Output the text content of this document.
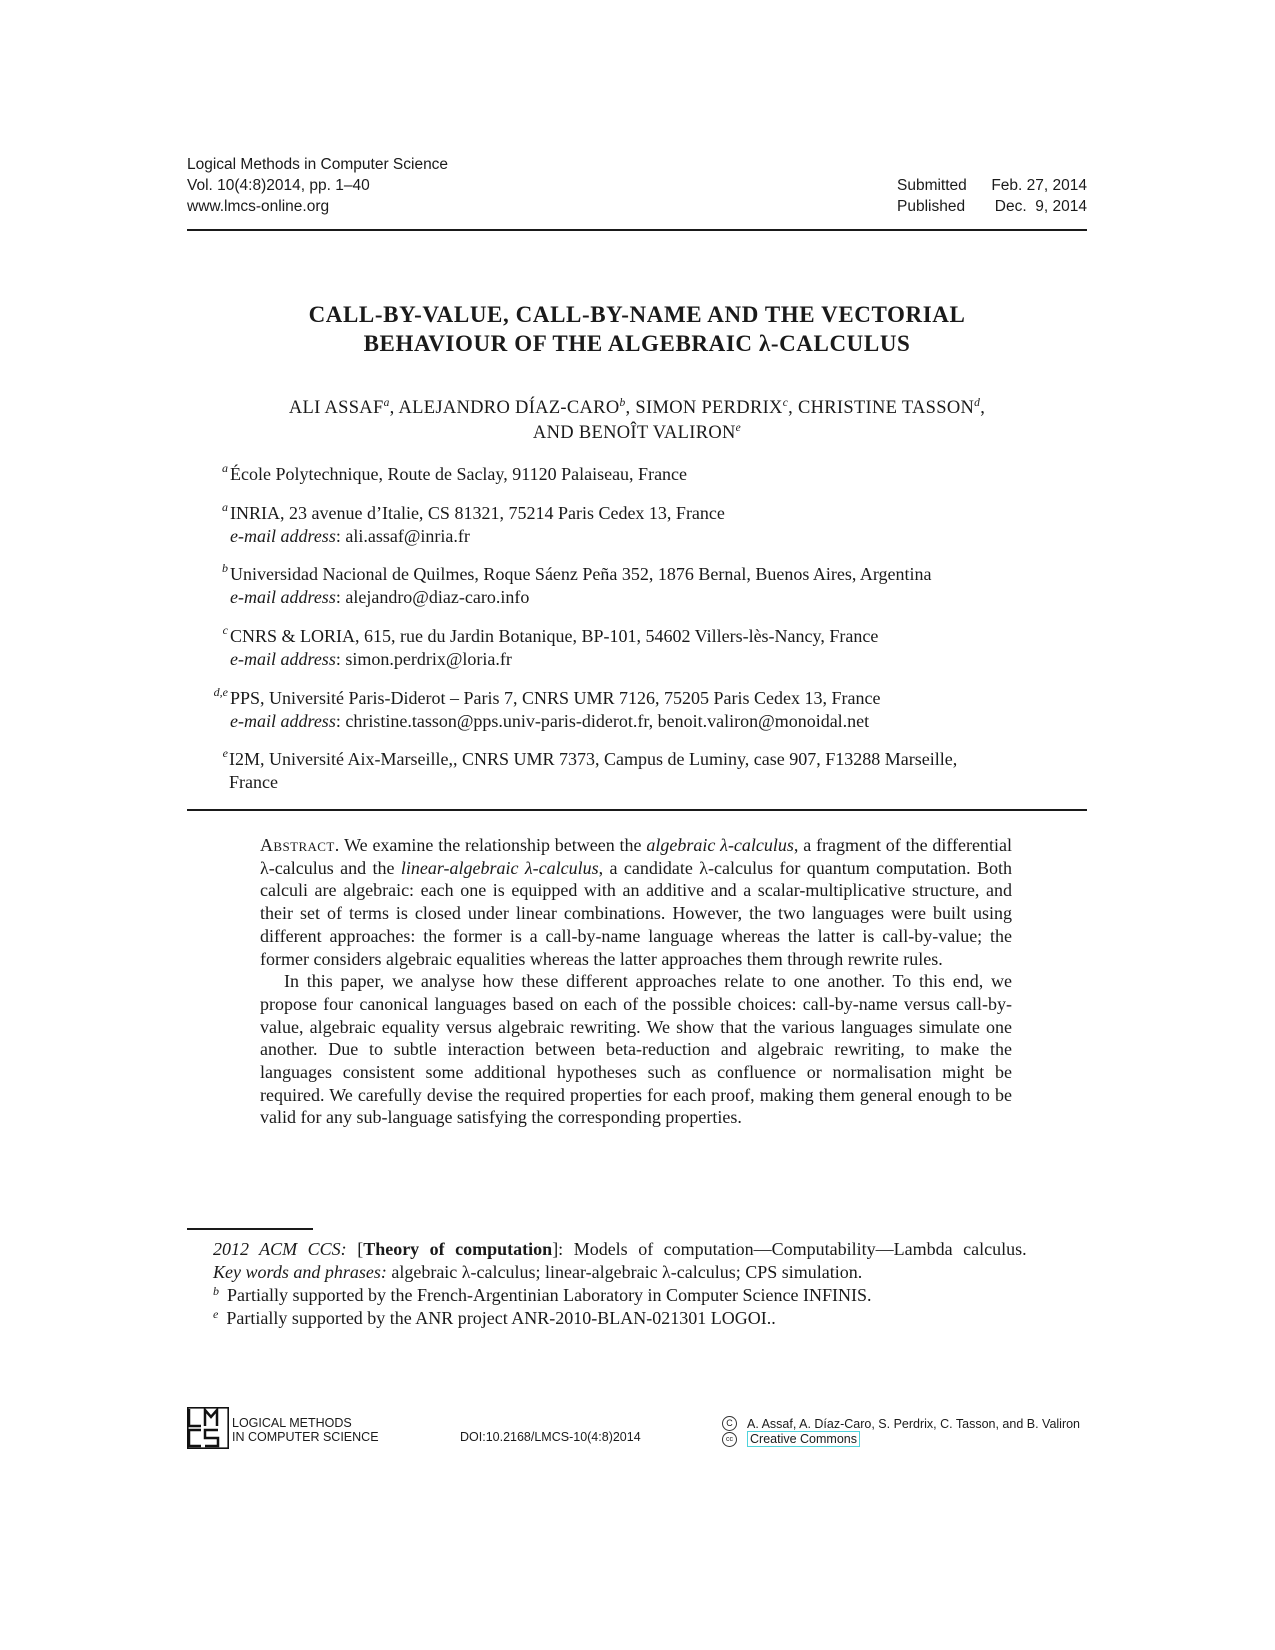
Logical Methods in Computer Science
Vol. 10(4:8)2014, pp. 1–40
www.lmcs-online.org
Submitted	Feb. 27, 2014
Published	Dec.  9, 2014
CALL-BY-VALUE, CALL-BY-NAME AND THE VECTORIAL
BEHAVIOUR OF THE ALGEBRAIC λ-CALCULUS
ALI ASSAF$^a$, ALEJANDRO DÍAZ-CARO$^b$, SIMON PERDRIX$^c$, CHRISTINE TASSON$^d$,
AND BENOÎT VALIRON$^e$
a École Polytechnique, Route de Saclay, 91120 Palaiseau, France
a INRIA, 23 avenue d’Italie, CS 81321, 75214 Paris Cedex 13, France
e-mail address: ali.assaf@inria.fr
b Universidad Nacional de Quilmes, Roque Sáenz Peña 352, 1876 Bernal, Buenos Aires, Argentina
e-mail address: alejandro@diaz-caro.info
c CNRS & LORIA, 615, rue du Jardin Botanique, BP-101, 54602 Villers-lès-Nancy, France
e-mail address: simon.perdrix@loria.fr
d,e PPS, Université Paris-Diderot – Paris 7, CNRS UMR 7126, 75205 Paris Cedex 13, France
e-mail address: christine.tasson@pps.univ-paris-diderot.fr, benoit.valiron@monoidal.net
e I2M, Université Aix-Marseille,, CNRS UMR 7373, Campus de Luminy, case 907, F13288 Marseille,
France

Abstract. We examine the relationship between the algebraic λ-calculus, a fragment of the differential λ-calculus and the linear-algebraic λ-calculus, a candidate λ-calculus for quantum computation. Both calculi are algebraic: each one is equipped with an additive and a scalar-multiplicative structure, and their set of terms is closed under linear combinations. However, the two languages were built using different approaches: the former is a call-by-name language whereas the latter is call-by-value; the former considers algebraic equalities whereas the latter approaches them through rewrite rules.

In this paper, we analyse how these different approaches relate to one another. To this end, we propose four canonical languages based on each of the possible choices: call-by-name versus call-by-value, algebraic equality versus algebraic rewriting. We show that the various languages simulate one another. Due to subtle interaction between beta-reduction and algebraic rewriting, to make the languages consistent some additional hypotheses such as confluence or normalisation might be required. We carefully devise the required properties for each proof, making them general enough to be valid for any sub-language satisfying the corresponding properties.

2012 ACM CCS: [Theory of computation]: Models of computation—Computability—Lambda calculus.
Key words and phrases: algebraic λ-calculus; linear-algebraic λ-calculus; CPS simulation.
$^b$ Partially supported by the French-Argentinian Laboratory in Computer Science INFINIS.
$^e$ Partially supported by the ANR project ANR-2010-BLAN-021301 LOGOI..
LOGICAL METHODS
IN COMPUTER SCIENCE	DOI:10.2168/LMCS-10(4:8)2014
C	A. Assaf, A. Díaz-Caro, S. Perdrix, C. Tasson, and B. Valiron
cc	Creative Commons
